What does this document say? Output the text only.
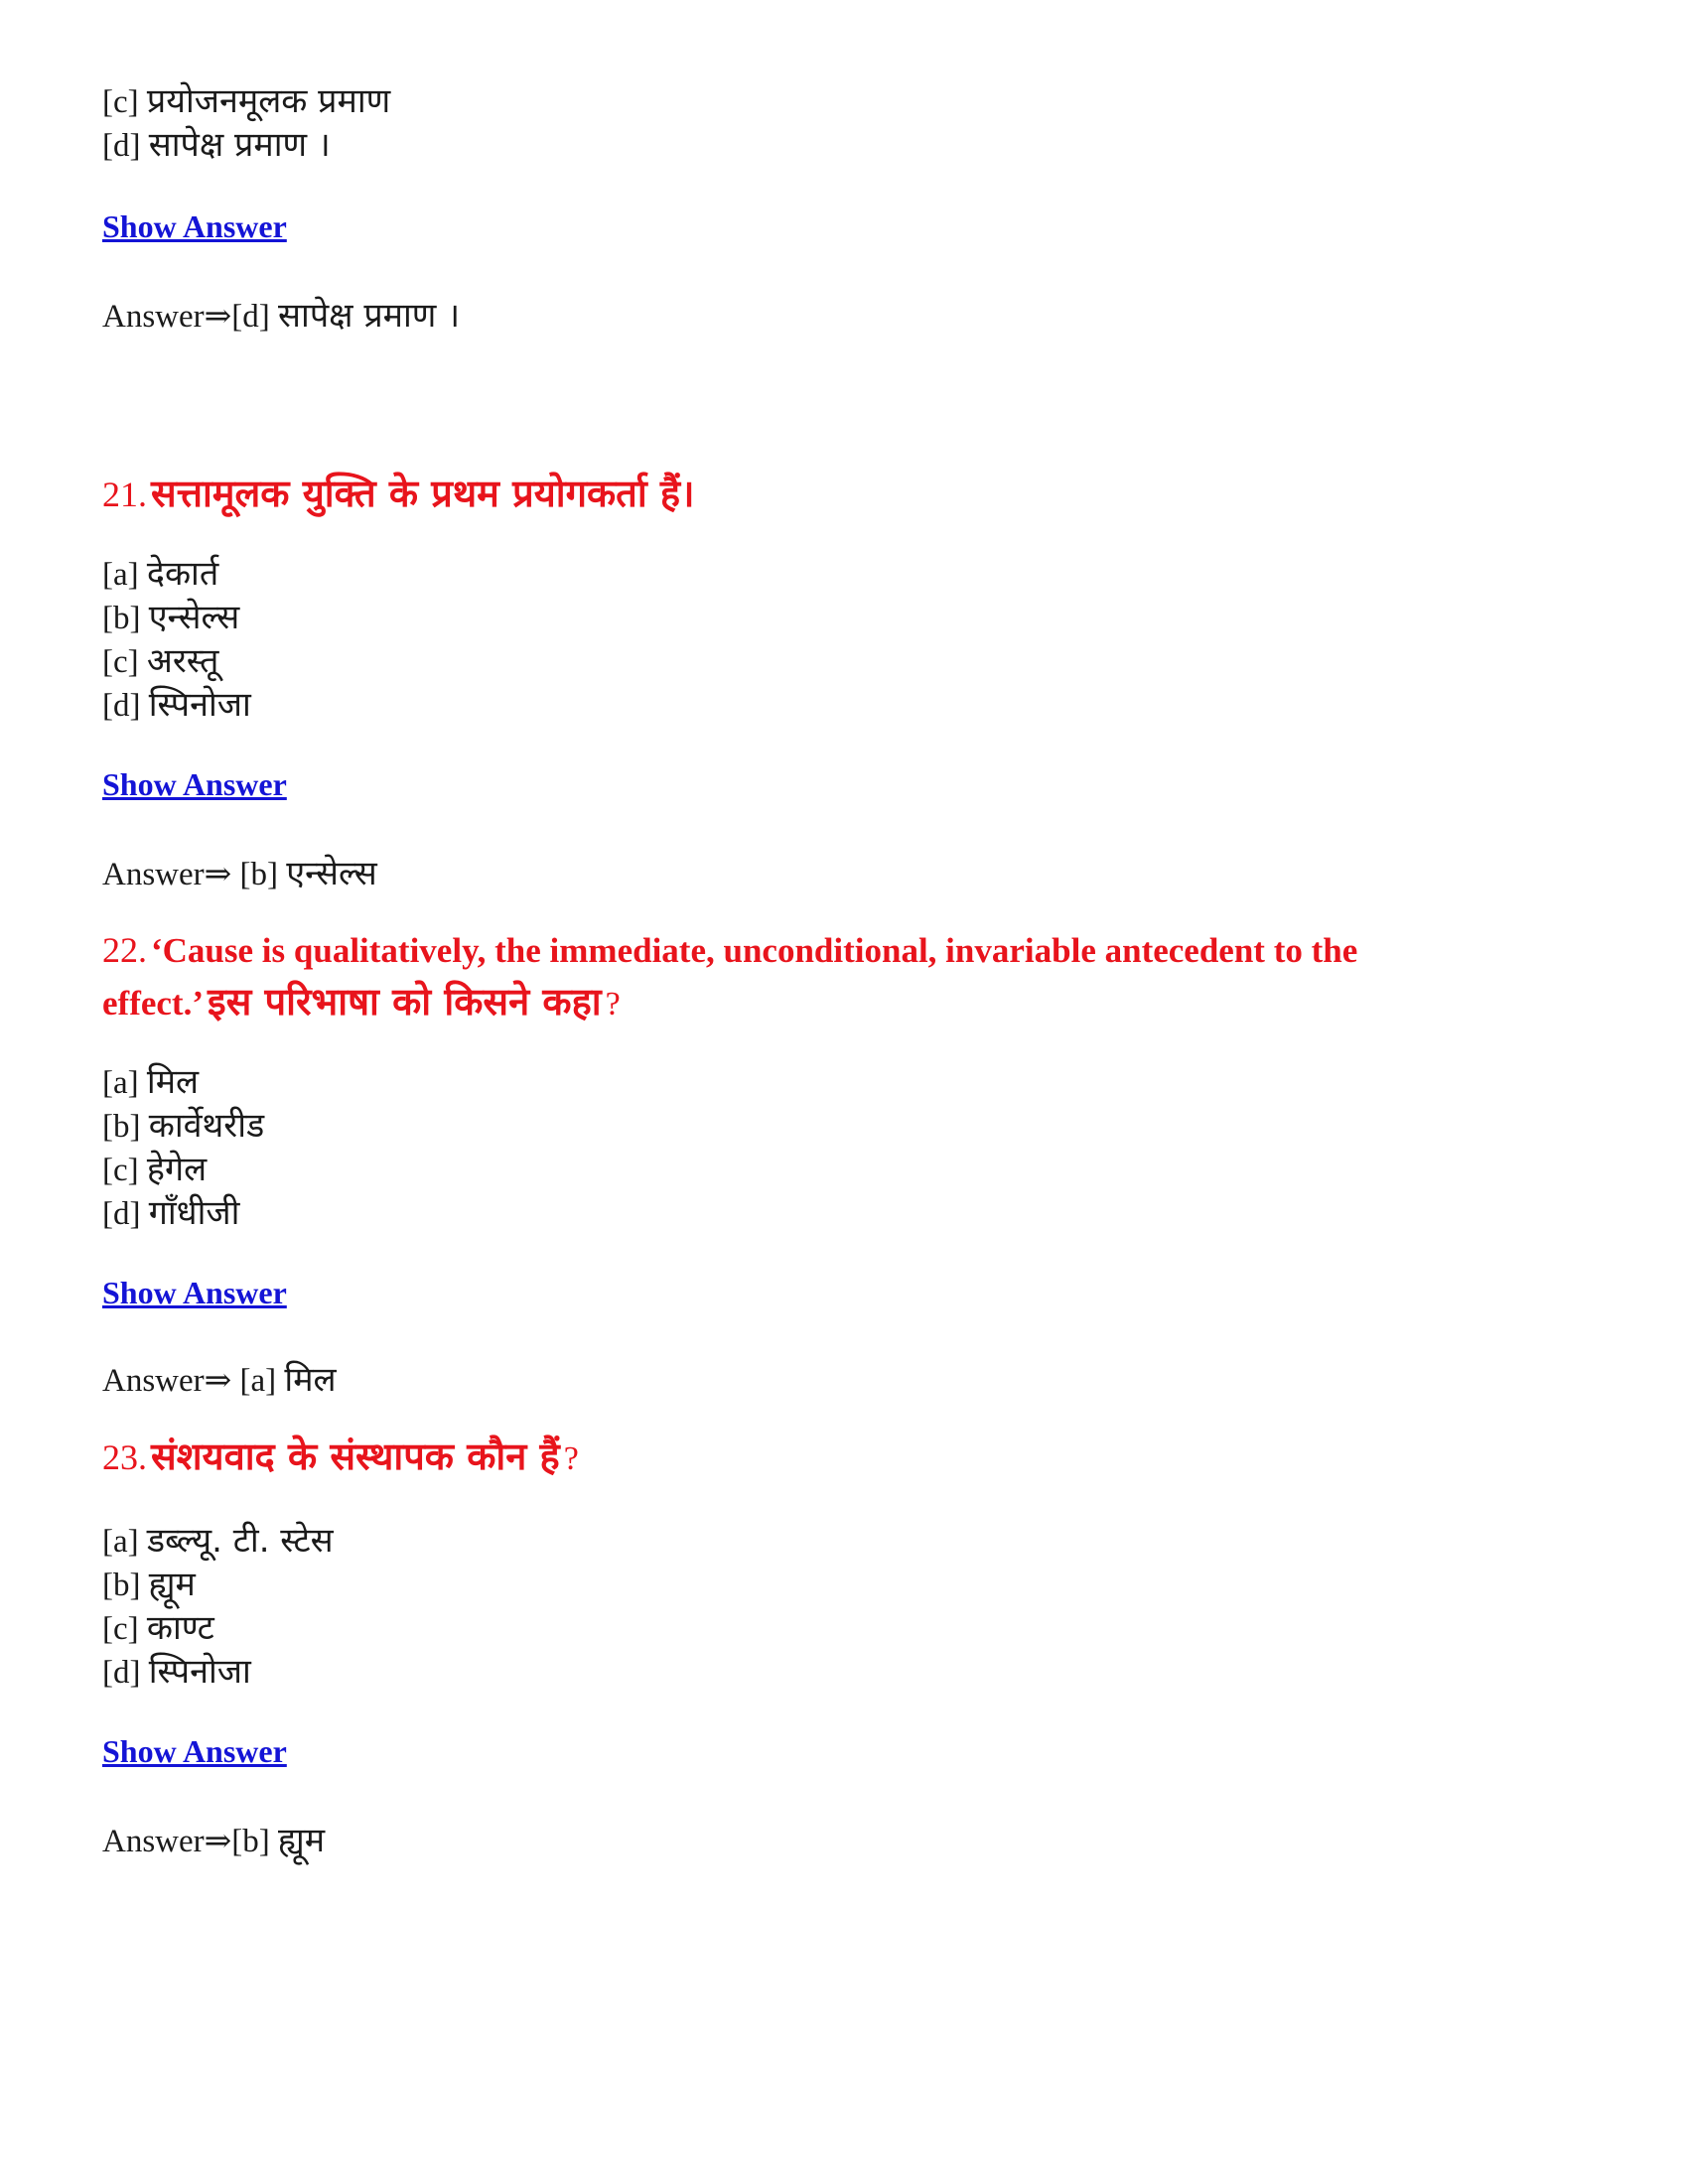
[c] प्रयोजनमूलक प्रमाण
[d] सापेक्ष प्रमाण ।
Show Answer
Answer⇒[d] सापेक्ष प्रमाण ।
21. सत्तामूलक युक्ति के प्रथम प्रयोगकर्ता हैं।
[a] देकार्त
[b] एन्सेल्स
[c] अरस्तू
[d] स्पिनोजा
Show Answer
Answer⇒ [b] एन्सेल्स
22. ‘Cause is qualitatively, the immediate, unconditional, invariable antecedent to the
effect.’ इस परिभाषा को किसने कहा ?
[a] मिल
[b] कार्वेथरीड
[c] हेगेल
[d] गाँधीजी
Show Answer
Answer⇒ [a] मिल
23. संशयवाद के संस्थापक कौन हैं ?
[a] डब्ल्यू. टी. स्टेस
[b] ह्यूम
[c] काण्ट
[d] स्पिनोजा
Show Answer
Answer⇒[b] ह्यूम
